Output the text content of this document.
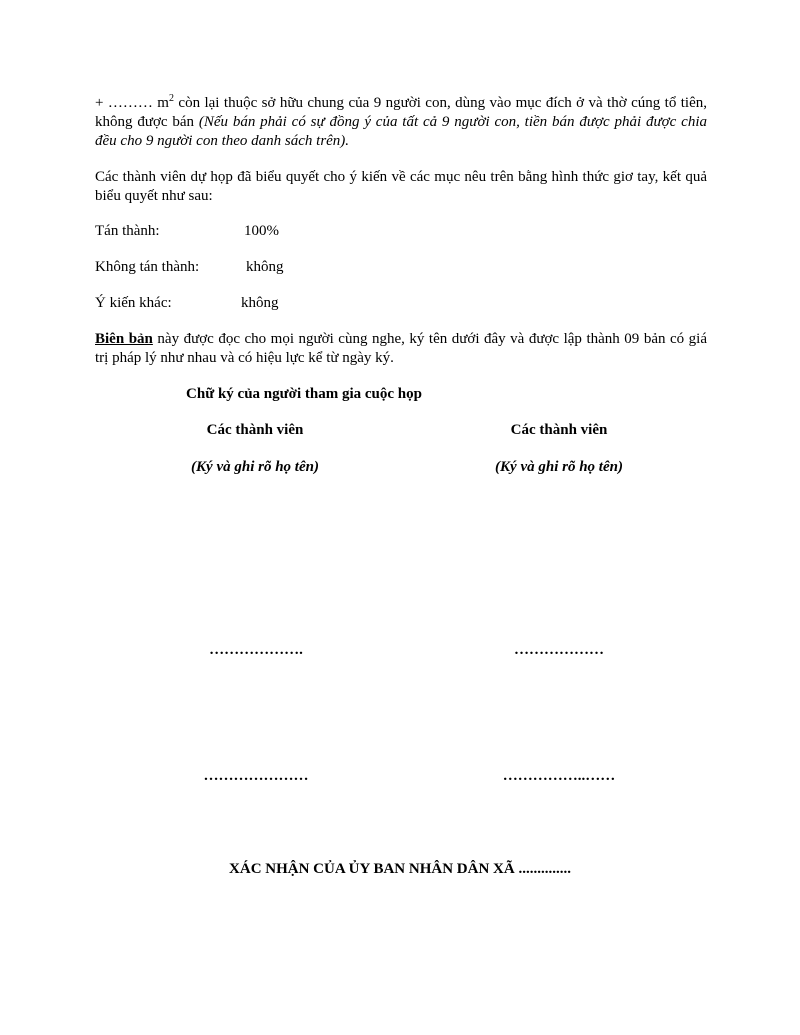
+ ……… $m^2$ còn lại thuộc sở hữu chung của 9 người con, dùng vào mục đích ở và thờ cúng tổ tiên, không được bán (Nếu bán phải có sự đồng ý của tất cả 9 người con, tiền bán được phải được chia đều cho 9 người con theo danh sách trên).
Các thành viên dự họp đã biểu quyết cho ý kiến về các mục nêu trên bằng hình thức giơ tay, kết quả biểu quyết như sau:
Tán thành:	100%
Không tán thành:	không
Ý kiến khác:	không
Biên bản này được đọc cho mọi người cùng nghe, ký tên dưới đây và được lập thành 09 bản có giá trị pháp lý như nhau và có hiệu lực kể từ ngày ký.
Chữ ký của người tham gia cuộc họp
Các thành viên	Các thành viên
(Ký và ghi rõ họ tên)	(Ký và ghi rõ họ tên)
……………….	………………
…………………	……………..……
XÁC NHẬN CỦA ỦY BAN NHÂN DÂN XÃ ..............
